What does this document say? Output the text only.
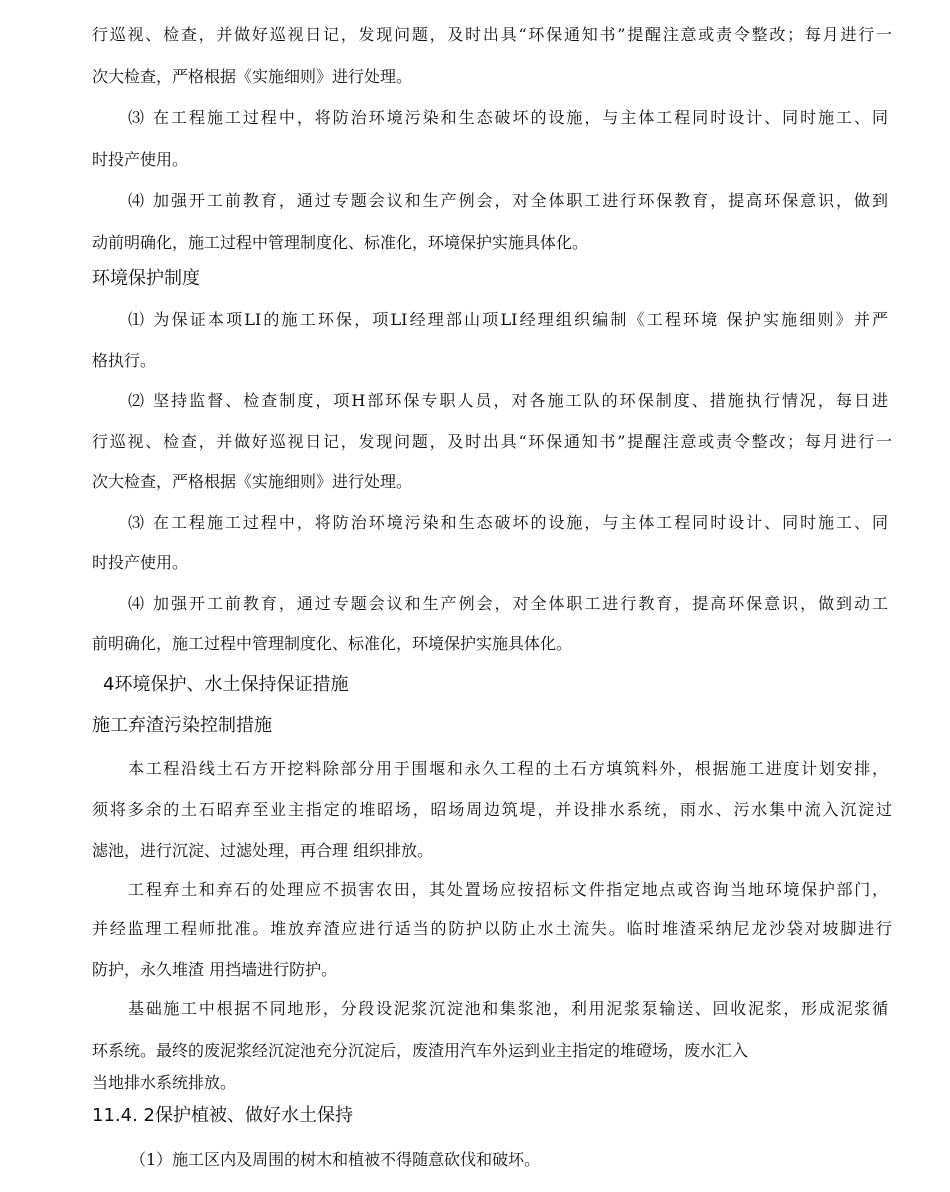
行巡视、检查，并做好巡视日记，发现问题，及时出具“环保通知书”提醒注意或责令整改；每月进行一
次大检查，严格根据《实施细则》进行处理。
⑶ 在工程施工过程中，将防治环境污染和生态破坏的设施，与主体工程同时设计、同时施工、同
时投产使用。
⑷ 加强开工前教育，通过专题会议和生产例会，对全体职工进行环保教育，提高环保意识，做到
动前明确化，施工过程中管理制度化、标准化，环境保护实施具体化。
环境保护制度
⑴ 为保证本项LI的施工环保，项LI经理部山项LI经理组织编制《工程环境 保护实施细则》并严
格执行。
⑵ 坚持监督、检查制度，项H部环保专职人员，对各施工队的环保制度、措施执行情况，每日进
行巡视、检查，并做好巡视日记，发现问题，及时出具“环保通知书”提醒注意或责令整改；每月进行一
次大检查，严格根据《实施细则》进行处理。
⑶ 在工程施工过程中，将防治环境污染和生态破坏的设施，与主体工程同时设计、同时施工、同
时投产使用。
⑷ 加强开工前教育，通过专题会议和生产例会，对全体职工进行教育，提高环保意识，做到动工
前明确化，施工过程中管理制度化、标准化，环境保护实施具体化。
4环境保护、水土保持保证措施
施工弃渣污染控制措施
本工程沿线土石方开挖料除部分用于围堰和永久工程的土石方填筑料外，根据施工进度计划安排，
须将多余的土石昭弃至业主指定的堆昭场，昭场周边筑堤，并设排水系统，雨水、污水集中流入沉淀过
滤池，进行沉淀、过滤处理，再合理 组织排放。
工程弃土和弃石的处理应不损害农田，其处置场应按招标文件指定地点或咨询当地环境保护部门，
并经监理工程师批准。堆放弃渣应进行适当的防护以防止水土流失。临时堆渣采纳尼龙沙袋对坡脚进行
防护，永久堆渣 用挡墙进行防护。
基础施工中根据不同地形，分段设泥浆沉淀池和集浆池，利用泥浆泵输送、回收泥浆，形成泥浆循
环系统。最终的废泥浆经沉淀池充分沉淀后，废渣用汽车外运到业主指定的堆磴场，废水汇入
当地排水系统排放。
11.4. 2保护植被、做好水土保持
（1）施工区内及周围的树木和植被不得随意砍伐和破坏。
